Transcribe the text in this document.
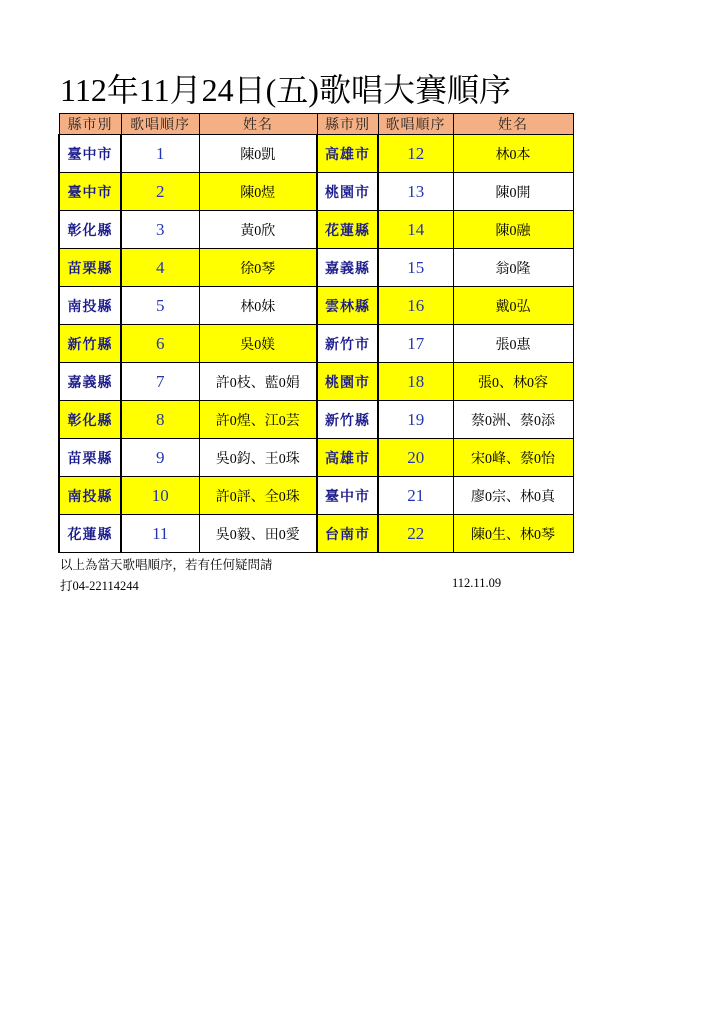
112年11月24日(五)歌唱大賽順序
縣市別	歌唱順序	姓名	縣市別	歌唱順序	姓名
臺中市	1	陳0凱	高雄市	12	林0本
臺中市	2	陳0煜	桃園市	13	陳0開
彰化縣	3	黃0欣	花蓮縣	14	陳0融
苗栗縣	4	徐0琴	嘉義縣	15	翁0隆
南投縣	5	林0妹	雲林縣	16	戴0弘
新竹縣	6	吳0媄	新竹市	17	張0惠
嘉義縣	7	許0枝、藍0娟	桃園市	18	張0、林0容
彰化縣	8	許0煌、江0芸	新竹縣	19	蔡0洲、蔡0添
苗栗縣	9	吳0鈞、王0珠	高雄市	20	宋0峰、蔡0怡
南投縣	10	許0評、全0珠	臺中市	21	廖0宗、林0真
花蓮縣	11	吳0毅、田0愛	台南市	22	陳0生、林0琴
以上為當天歌唱順序，若有任何疑問請
打04-22114244	112.11.09
